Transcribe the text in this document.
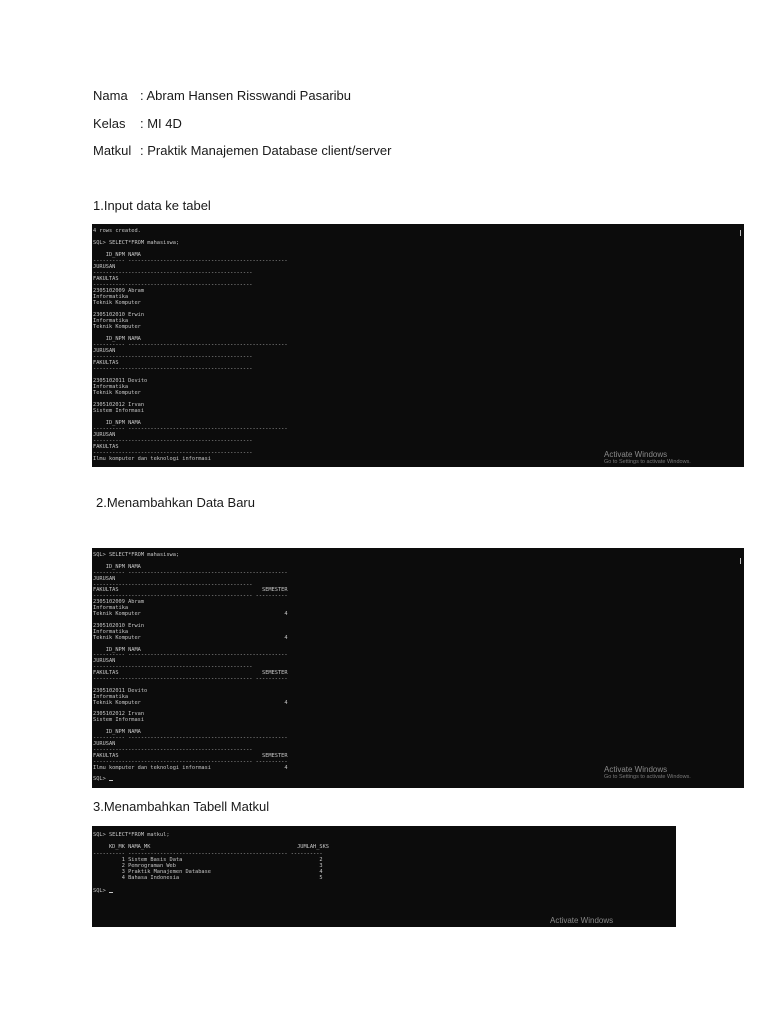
Nama : Abram Hansen Risswandi Pasaribu
Kelas : MI 4D
Matkul : Praktik Manajemen Database client/server
1.Input data ke tabel
4 rows created.

SQL> SELECT*FROM mahasiswa;

ID_NPM NAMA
---------- --------------------------------------------------
JURUSAN
--------------------------------------------------
FAKULTAS
--------------------------------------------------
2305102009 Abram
Informatika
Teknik Komputer

2305102010 Erwin
Informatika
Teknik Komputer

ID_NPM NAMA
---------- --------------------------------------------------
JURUSAN
--------------------------------------------------
FAKULTAS
--------------------------------------------------

2305102011 Devito
Informatika
Teknik Komputer

2305102012 Irvan
Sistem Informasi

ID_NPM NAMA
---------- --------------------------------------------------
JURUSAN
--------------------------------------------------
FAKULTAS
--------------------------------------------------
Ilmu komputer dan teknologi informasi	Activate Windows
Go to Settings to activate Windows.
2.Menambahkan Data Baru
SQL> SELECT*FROM mahasiswa;

ID_NPM NAMA
---------- --------------------------------------------------
JURUSAN
--------------------------------------------------
FAKULTAS                                             SEMESTER
-------------------------------------------------- ----------
2305102009 Abram
Informatika
Teknik Komputer                                             4

2305102010 Erwin
Informatika
Teknik Komputer                                             4

ID_NPM NAMA
---------- --------------------------------------------------
JURUSAN
--------------------------------------------------
FAKULTAS                                             SEMESTER
-------------------------------------------------- ----------

2305102011 Devito
Informatika
Teknik Komputer                                             4

2305102012 Irvan
Sistem Informasi

ID_NPM NAMA
---------- --------------------------------------------------
JURUSAN
--------------------------------------------------
FAKULTAS                                             SEMESTER
-------------------------------------------------- ----------
Ilmu komputer dan teknologi informasi                       4

SQL>
Activate Windows
Go to Settings to activate Windows.
3.Menambahkan Tabell Matkul
SQL> SELECT*FROM matkul;

KD_MK NAMA_MK                                              JUMLAH_SKS
---------- -------------------------------------------------- ----------
1 Sistem Basis Data                                           2
2 Pemrograman Web                                             3
3 Praktik Manajemen Database                                  4
4 Bahasa Indonesia                                            5

SQL>
Activate Windows
